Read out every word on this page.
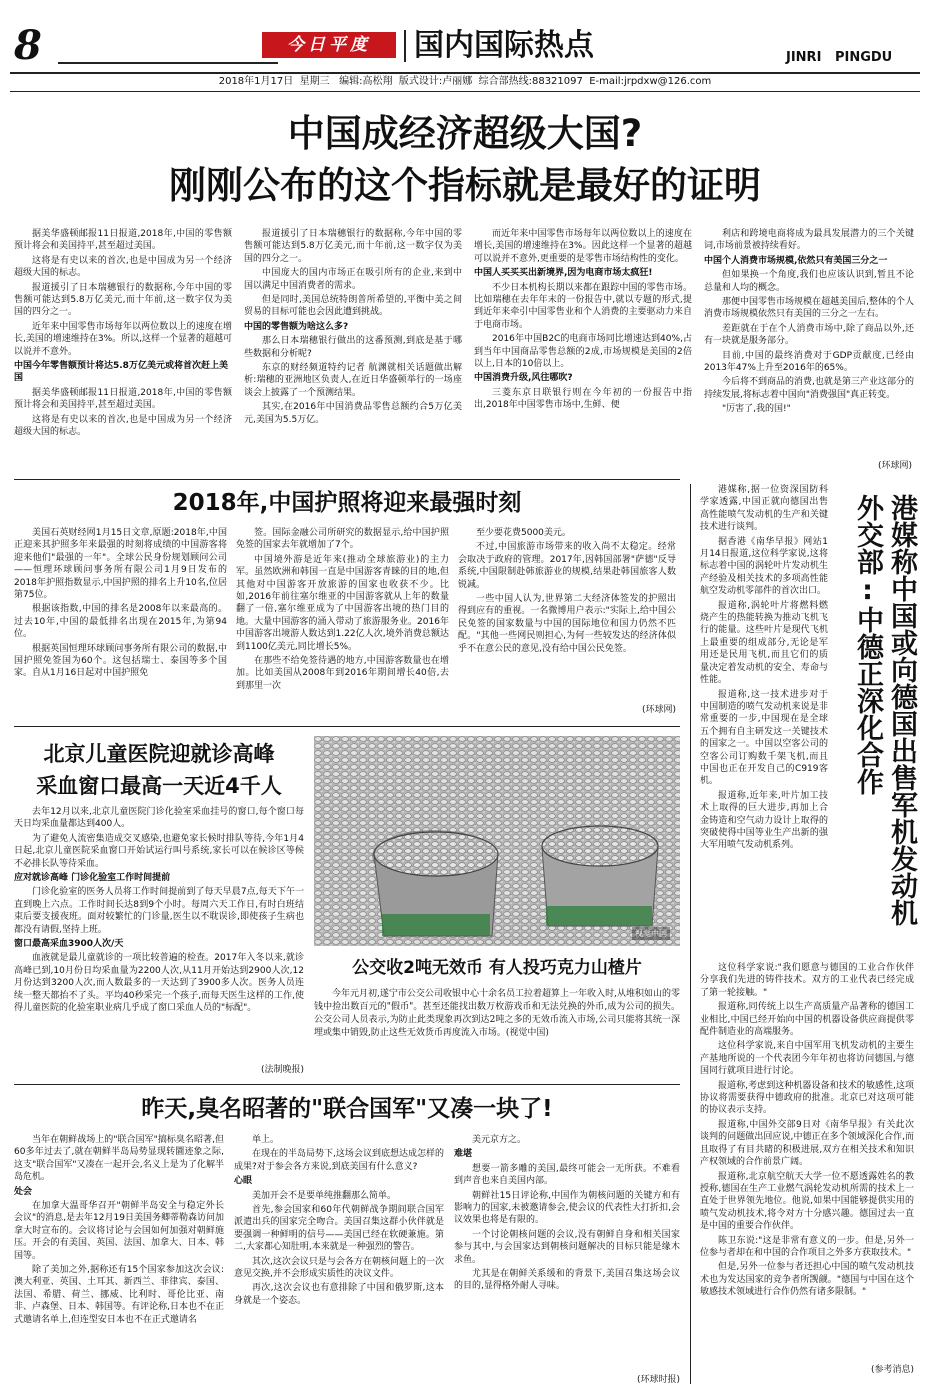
8	今日平度	国内国际热点	JINRI   PINGDU
2018年1月17日  星期三   编辑:高松翔  版式设计:卢丽娜  综合部热线:88321097  E-mail:jrpdxw@126.com
中国成经济超级大国?
刚刚公布的这个指标就是最好的证明

据美华盛顿邮报11日报道,2018年,中国的零售额预计将会和美国持平,甚至超过美国。

这将是有史以来的首次,也是中国成为另一个经济超级大国的标志。

报道援引了日本瑞穗银行的数据称,今年中国的零售额可能达到5.8万亿美元,而十年前,这一数字仅为美国的四分之一。

近年来中国零售市场每年以两位数以上的速度在增长,美国的增速维持在3%。所以,这样一个显著的超越可以说并不意外。

中国今年零售额预计将达5.8万亿美元或将首次赶上美国

据美华盛顿邮报11日报道,2018年,中国的零售额预计将会和美国持平,甚至超过美国。

这将是有史以来的首次,也是中国成为另一个经济超级大国的标志。

报道援引了日本瑞穗银行的数据称,今年中国的零售额可能达到5.8万亿美元,而十年前,这一数字仅为美国的四分之一。

中国庞大的国内市场正在吸引所有的企业,来到中国以满足中国消费者的需求。

但是同时,美国总统特朗普所希望的,平衡中美之间贸易的目标可能也会因此遭到挑战。

中国的零售额为啥这么多?

那么日本瑞穗银行做出的这番预测,到底是基于哪些数据和分析呢?

东京的财经频道特约记者 航渊就相关话题做出解析:瑞穗的亚洲地区负责人,在近日华盛顿举行的一场座谈会上披露了一个预测结果。

其实,在2016年中国消费品零售总额约合5万亿美元,美国为5.5万亿。

而近年来中国零售市场每年以两位数以上的速度在增长,美国的增速维持在3%。因此这样一个显著的超越可以说并不意外,更重要的是零售市场结构性的变化。

中国人买买买出新境界,因为电商市场太疯狂!

不少日本机构长期以来都在跟踪中国的零售市场。比如瑞穗在去年年末的一份报告中,就以专题的形式,提到近年来牵引中国零售业和个人消费的主要驱动力来自于电商市场。

2016年中国B2C的电商市场同比增速达到40%,占到当年中国商品零售总额的2成,市场规模是美国的2倍以上,日本的10倍以上。

中国消费升级,风往哪吹?

三菱东京日联银行则在今年初的一份报告中指出,2018年中国零售市场中,生鲜、便

利店和跨境电商将成为最具发展潜力的三个关键词,市场前景被持续看好。

中国个人消费市场规模,依然只有美国三分之一

但如果换一个角度,我们也应该认识到,暂且不论总量和人均的概念。

那便中国零售市场规模在超越美国后,整体的个人消费市场规模依然只有美国的三分之一左右。

差距就在于在个人消费市场中,除了商品以外,还有一块就是服务部分。

目前,中国的最终消费对于GDP贡献度,已经由2013年47%上升至2016年的65%。

今后将不到商品的消费,也就是第三产业这部分的持续发展,将标志着中国向"消费强国"真正转变。

"厉害了,我的国!"

(环球网)
2018年,中国护照将迎来最强时刻

美国石英财经网1月15日文章,原题:2018年,中国正迎来其护照多年来最强的时刻将成绩的中国游客将迎来他们"最强的一年"。全球公民身份规划顾问公司——恒理环球顾问事务所有限公司1月9日发布的2018年护照指数显示,中国护照的排名上升10名,位居第75位。

根据该指数,中国的排名是2008年以来最高的。过去10年,中国的最低排名出现在2015年,为第94位。

根据英国恒理环球顾问事务所有限公司的数据,中国护照免签国为60个。这包括瑞士、泰国等多个国家。自从1月16日起对中国护照免

签。国际金融公司所研究的数据显示,给中国护照免签的国家去年就增加了7个。

中国境外游是近年来(推动全球旅游业)的主力军。虽然欧洲和韩国一直是中国游客青睐的目的地,但其他对中国游客开放旅游的国家也收获不少。比如,2016年前往塞尔维亚的中国游客就从上年的数量翻了一倍,塞尔维亚成为了中国游客出境的热门目的地。大量中国游客的涌入带动了旅游服务业。2016年中国游客出境游人数达到1.22亿人次,境外消费总额达到1100亿美元,同比增长5%。

在那些不给免签待遇的地方,中国游客数量也在增加。比如美国从2008年到2016年期间增长40倍,去到那里一次

至少要花费5000美元。

不过,中国旅游市场带来的收入尚不太稳定。经常会取决于政府的管理。2017年,因韩国部署"萨德"反导系统,中国限制赴韩旅游业的规模,结果赴韩国旅客人数锐减。

一些中国人认为,世界第二大经济体签发的护照出得到应有的重视。一名微博用户表示:"实际上,给中国公民免签的国家数量与中国的国际地位和国力仍然不匹配。"其他一些网民则担心,为何一些较发达的经济体似乎不在意公民的意见,没有给中国公民免签。

(环球网)
北京儿童医院迎就诊高峰
采血窗口最高一天近4千人

去年12月以来,北京儿童医院门诊化验室采血挂号的窗口,每个窗口每天日均采血量都达到400人。

为了避免人流密集造成交叉感染,也避免家长候时排队等待,今年1月4日起,北京儿童医院采血窗口开始试运行叫号系统,家长可以在候诊区等候不必排长队等待采血。

应对就诊高峰 门诊化验室工作时间提前

门诊化验室的医务人员将工作时间提前到了每天早晨7点,每天下午一直到晚上六点。工作时间长达8到9个小时。每周六天工作日,有时白班结束后要支援夜班。面对较繁忙的门诊量,医生以不耽误诊,即使孩子生病也都没有请假,坚持上班。

窗口最高采血3900人次/天

血液就是最儿童就诊的一项比较普遍的检查。2017年入冬以来,就诊高峰已到,10月份日均采血量为2200人次,从11月开始达到2900人次,12月份达到3200人次,而人数最多的一天达到了3900多人次。医务人员连续一整天都抬不了头。平均40秒采完一个孩子,而每天医生这样的工作,使得儿童医院的化验室职业病几乎成了窗口采血人员的"标配"。

(法制晚报)
视觉中国
公交收2吨无效币 有人投巧克力山楂片
今年元月初,遂宁市公交公司收银中心十余名员工拉着超算上一年收入时,从堆积如山的零钱中捡出数百元的"假币"。甚至还能找出数万枚游戏币和无法兑换的外币,成为公司的损失。公交公司人员表示,为防止此类现象再次到达2吨之多的无效币流入市场,公司只能将其统一深埋或集中销毁,防止这些无效货币再度流入市场。(视觉中国)

港媒称,据一位资深国防科学家透露,中国正就向德国出售高性能喷气发动机的生产和关键技术进行谈判。

据香港《南华早报》网站1月14日报道,这位科学家说,这将标志着中国的涡轮叶片发动机生产经验及相关技术的多项高性能航空发动机零部件的首次出口。

报道称,涡轮叶片将燃料燃烧产生的热能转换为推动飞机飞行的能量。这些叶片是现代飞机上最重要的组成部分,无论是军用还是民用飞机,而且它们的质量决定着发动机的安全、寿命与性能。

报道称,这一技术进步对于中国制造的喷气发动机来说是非常重要的一步,中国现在是全球五个拥有自主研发这一关键技术的国家之一。中国以空客公司的空客公司订购数千架飞机,而且中国也正在开发自己的C919客机。

报道称,近年来,叶片加工技术上取得的巨大进步,再加上合金铸造和空气动力设计上取得的突破使得中国等业生产出新的强大军用喷气发动机系列。	港媒称中国或向德国出售军机发动机
外交部:中德正深化合作

这位科学家说:"我们愿意与德国的工业合作伙伴分享我们先进的铸件技术。双方的工业代表已经完成了第一轮接触。"

报道称,同传统上以生产高质量产品著称的德国工业相比,中国已经开始向中国的机器设备供应商提供零配件制造业的高端服务。

这位科学家说,来自中国军用飞机发动机的主要生产基地所说的一个代表团今年年初也将访问德国,与德国同行就项目进行讨论。

报道称,考虑到这种机器设备和技术的敏感性,这项协议将需要获得中德政府的批准。北京已对这项可能的协议表示支持。

报道称,中国外交部9日对《南华早报》有关此次谈判的问题做出回应说,中德正在多个领域深化合作,而且取得了有目共睹的积极进展,双方在相关技术和知识产权领域的合作前景广阔。

报道称,北京航空航天大学一位不愿透露姓名的教授称,德国在生产工业燃气涡轮发动机所需的技术上一直处于世界领先地位。他说,如果中国能够提供实用的喷气发动机技术,将令对方十分感兴趣。德国过去一直是中国的重要合作伙伴。

陈卫东说:"这是非常有意义的一步。但是,另外一位参与者却在和中国的合作项目之外多方获取技术。"

但是,另外一位参与者还担心中国的喷气发动机技术也为发达国家的竞争者所觊觎。"德国与中国在这个敏感技术领域进行合作仍然有诸多限制。"

(参考消息)
昨天,臭名昭著的"联合国军"又凑一块了!

当年在朝鲜战场上的"联合国军"搞标臭名昭著,但60多年过去了,就在朝鲜半岛局势显现转圜迹象之际,这支"联合国军"又凑在一起开会,名义上是为了化解半岛危机。

处会

在加拿大温哥华召开"朝鲜半岛安全与稳定外长会议"的消息,是去年12月19日美国务卿蒂勒森访问加拿大时宣布的。会议将讨论与会国如何加强对朝鲜施压。开会的有美国、英国、法国、加拿大、日本、韩国等。

除了美加之外,据称还有15个国家参加这次会议:澳大利亚、英国、土耳其、新西兰、菲律宾、泰国、法国、希腊、荷兰、挪威、比利时、哥伦比亚、南非、卢森堡、日本、韩国等。有评论称,日本也不在正式邀请名单上,但连型安日本也不在正式邀请名

单上。

在现在的半岛局势下,这场会议到底想达成怎样的成果?对于参会各方来说,到底美国有什么意义?

心眼

美加开会不是要单纯推翻那么简单。

首先,参会国家和60年代朝鲜战争期间联合国军派遣出兵的国家完全吻合。美国召集这群小伙伴就是要强调一种鲜明的信号——美国已经在软硬兼施。第二,大家都心知肚明,本来就是一种强烈的警告。

其次,这次会议只是与会各方在朝核问题上的一次意见交换,并不会形成实质性的决议文件。

再次,这次会议也有意排除了中国和俄罗斯,这本身就是一个姿态。

美元京方之。

难堪

想要一箭多雕的美国,最终可能会一无所获。不难看到声音也来自美国内部。

朝鲜社15日评论称,中国作为朝核问题的关键方和有影响力的国家,未被邀请参会,使会议的代表性大打折扣,会议效果也将是有限的。

一个讨论朝核问题的会议,没有朝鲜自身和相关国家参与其中,与会国家达到朝核问题解决的目标只能是缘木求鱼。

尤其是在朝鲜关系缓和的背景下,美国召集这场会议的目的,显得格外耐人寻味。

(环球时报)
